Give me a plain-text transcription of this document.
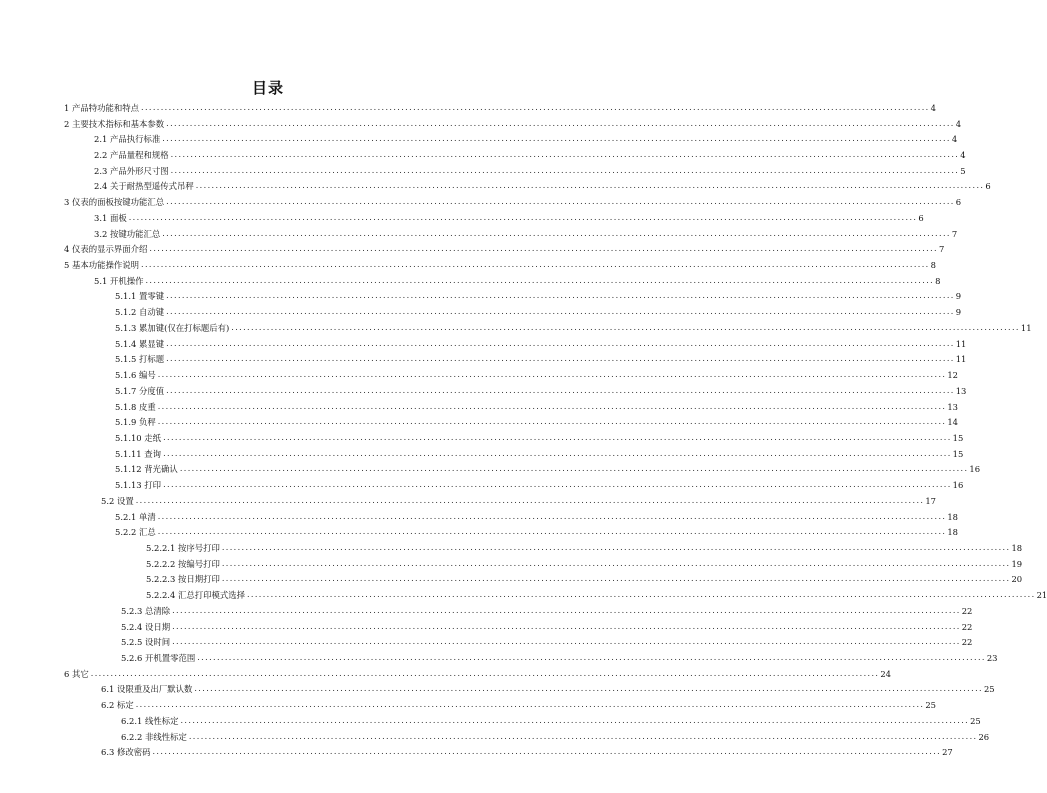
目录
1 产品特功能和特点 ........................................................................................................................................................................................................ 4
2 主要技术指标和基本参数 ........................................................................................................................................................................................................ 4
2.1 产品执行标准 ........................................................................................................................................................................................................ 4
2.2 产品量程和规格 ........................................................................................................................................................................................................ 4
2.3 产品外形尺寸图 ........................................................................................................................................................................................................ 5
2.4 关于耐热型遥传式吊秤 ........................................................................................................................................................................................................ 6
3 仪表的面板按键功能汇总 ........................................................................................................................................................................................................ 6
3.1 面板 ........................................................................................................................................................................................................ 6
3.2 按键功能汇总 ........................................................................................................................................................................................................ 7
4 仪表的显示界面介绍 ........................................................................................................................................................................................................ 7
5 基本功能操作说明 ........................................................................................................................................................................................................ 8
5.1 开机操作 ........................................................................................................................................................................................................ 8
5.1.1 置零键 ........................................................................................................................................................................................................ 9
5.1.2 自动键 ........................................................................................................................................................................................................ 9
5.1.3 累加键(仅在打标题后有) ........................................................................................................................................................................................................ 11
5.1.4 累显键 ........................................................................................................................................................................................................ 11
5.1.5 打标题 ........................................................................................................................................................................................................ 11
5.1.6 编号 ........................................................................................................................................................................................................ 12
5.1.7 分度值 ........................................................................................................................................................................................................ 13
5.1.8 皮重 ........................................................................................................................................................................................................ 13
5.1.9 负秤 ........................................................................................................................................................................................................ 14
5.1.10 走纸 ........................................................................................................................................................................................................ 15
5.1.11 查询 ........................................................................................................................................................................................................ 15
5.1.12 背光确认 ........................................................................................................................................................................................................ 16
5.1.13 打印 ........................................................................................................................................................................................................ 16
5.2 设置 ........................................................................................................................................................................................................ 17
5.2.1 单清 ........................................................................................................................................................................................................ 18
5.2.2 汇总 ........................................................................................................................................................................................................ 18
5.2.2.1 按序号打印 ........................................................................................................................................................................................................ 18
5.2.2.2 按编号打印 ........................................................................................................................................................................................................ 19
5.2.2.3 按日期打印 ........................................................................................................................................................................................................ 20
5.2.2.4 汇总打印模式选择 ........................................................................................................................................................................................................ 21
5.2.3 总清除 ........................................................................................................................................................................................................ 22
5.2.4 设日期 ........................................................................................................................................................................................................ 22
5.2.5 设时间 ........................................................................................................................................................................................................ 22
5.2.6 开机置零范围 ........................................................................................................................................................................................................ 23
6 其它 ........................................................................................................................................................................................................ 24
6.1 设限重及出厂默认数 ........................................................................................................................................................................................................ 25
6.2 标定 ........................................................................................................................................................................................................ 25
6.2.1 线性标定 ........................................................................................................................................................................................................ 25
6.2.2 非线性标定 ........................................................................................................................................................................................................ 26
6.3 修改密码 ........................................................................................................................................................................................................ 27
